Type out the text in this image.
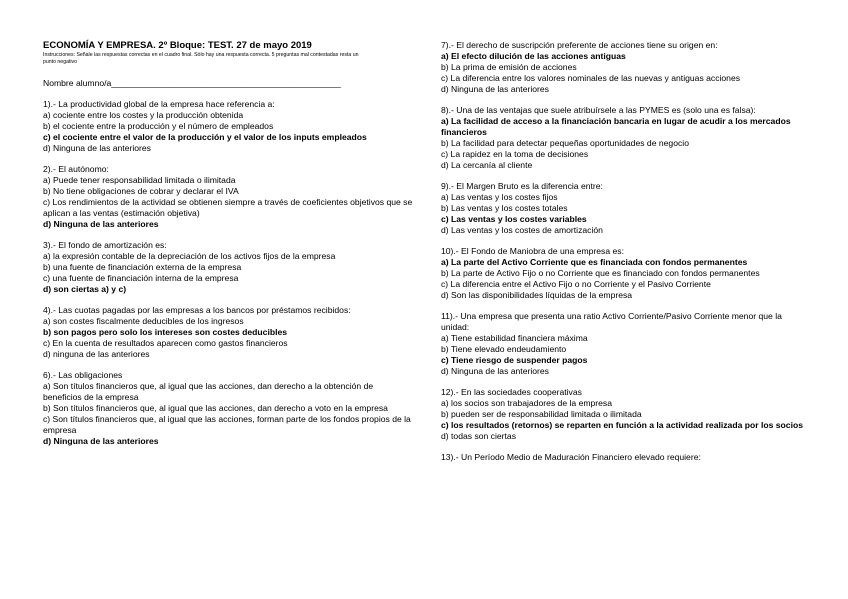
ECONOMÍA Y EMPRESA. 2º Bloque: TEST. 27 de mayo 2019
Instrucciones: Señale las respuestas correctas en el cuadro final. Sólo hay una respuesta correcta. 5 preguntas mal contestadas resta un punto negativo
Nombre alumno/a________________________________________________
1).- La productividad global de la empresa hace referencia a:
a) cociente entre los costes y la producción obtenida
b) el cociente entre la producción y el número de empleados
c) el cociente entre el valor de la producción y el valor de los inputs empleados
d) Ninguna de las anteriores
2).- El autónomo:
a) Puede tener responsabilidad limitada o ilimitada
b) No tiene obligaciones de cobrar y declarar el IVA
c) Los rendimientos de la actividad se obtienen siempre a través de coeficientes objetivos que se aplican a las ventas (estimación objetiva)
d) Ninguna de las anteriores
3).- El fondo de amortización es:
a) la expresión contable de la depreciación de los activos fijos de la empresa
b) una fuente de financiación externa de la empresa
c) una fuente de financiación interna de la empresa
d) son ciertas a) y c)
4).- Las cuotas pagadas por las empresas a los bancos por préstamos recibidos:
a) son costes fiscalmente deducibles de los ingresos
b) son pagos pero solo los intereses son costes deducibles
c) En la cuenta de resultados aparecen como gastos financieros
d) ninguna de las anteriores
6).- Las obligaciones
a) Son títulos financieros que, al igual que las acciones, dan derecho a la obtención de beneficios de la empresa
b) Son títulos financieros que, al igual que las acciones, dan derecho a voto en la empresa
c) Son títulos financieros que, al igual que las acciones, forman parte de los fondos propios de la empresa
d) Ninguna de las anteriores
7).- El derecho de suscripción preferente de acciones tiene su origen en:
a) El efecto dilución de las acciones antiguas
b) La prima de emisión de acciones
c) La diferencia entre los valores nominales de las nuevas y antiguas acciones
d) Ninguna de las anteriores
8).- Una de las ventajas que suele atribuírsele a las PYMES es (solo una es falsa):
a) La facilidad de acceso a la financiación bancaria en lugar de acudir a los mercados financieros
b) La facilidad para detectar pequeñas oportunidades de negocio
c) La rapidez en la toma de decisiones
d) La cercanía al cliente
9).- El Margen Bruto es la diferencia entre:
a) Las ventas y los costes fijos
b) Las ventas y los costes totales
c) Las ventas y los costes variables
d) Las ventas y los costes de amortización
10).- El Fondo de Maniobra de una empresa es:
a) La parte del Activo Corriente que es financiada con fondos permanentes
b) La parte de Activo Fijo o no Corriente que es financiado con fondos permanentes
c) La diferencia entre el Activo Fijo o no Corriente y el Pasivo Corriente
d) Son las disponibilidades líquidas de la empresa
11).- Una empresa que presenta una ratio Activo Corriente/Pasivo Corriente menor que la unidad:
a) Tiene estabilidad financiera máxima
b) Tiene elevado endeudamiento
c) Tiene riesgo de suspender pagos
d) Ninguna de las anteriores
12).- En las sociedades cooperativas
a) los socios son trabajadores de la empresa
b) pueden ser de responsabilidad limitada o ilimitada
c) los resultados (retornos) se reparten en función a la actividad realizada por los socios
d) todas son ciertas
13).- Un Período Medio de Maduración Financiero elevado requiere:
